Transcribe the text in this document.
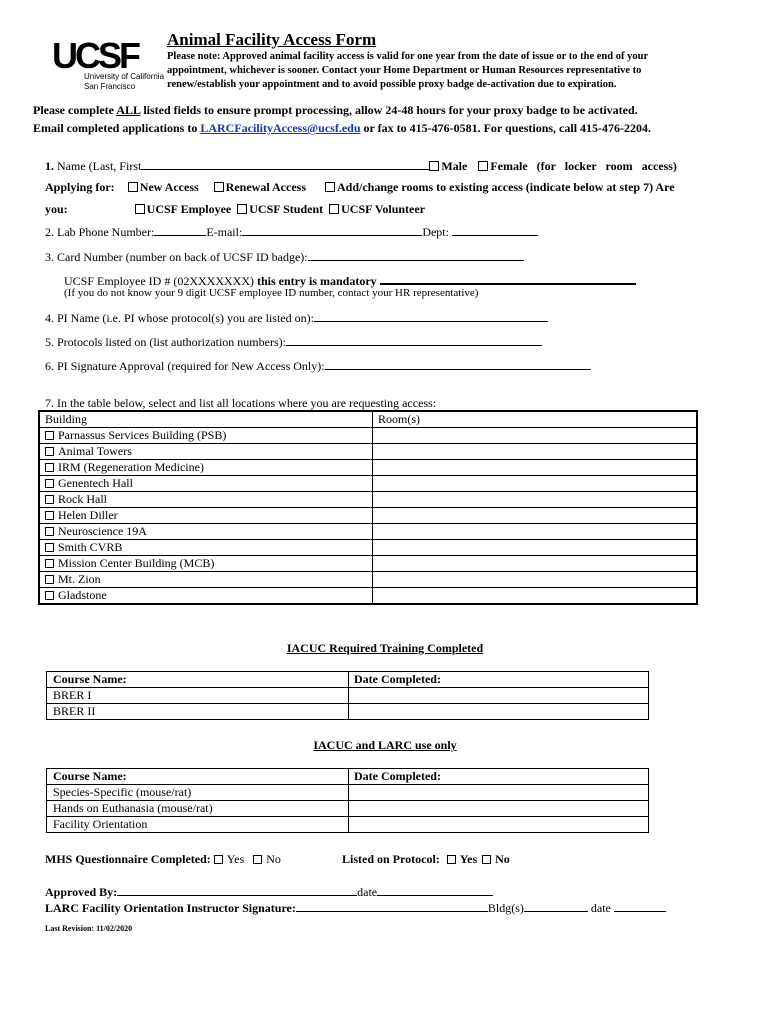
UCSF
University of California
San Francisco
Animal Facility Access Form
Please note: Approved animal facility access is valid for one year from the date of issue or to the end of your appointment, whichever is sooner. Contact your Home Department or Human Resources representative to renew/establish your appointment and to avoid possible proxy badge de-activation due to expiration.
Please complete ALL listed fields to ensure prompt processing, allow 24-48 hours for your proxy badge to be activated.
Email completed applications to LARCFacilityAccess@ucsf.edu or fax to 415-476-0581. For questions, call 415-476-2204.
1. Name (Last, First	Male Female (for locker room access)
Applying for: New Access Renewal Access	Add/change rooms to existing access (indicate below at step 7) Are
you:	UCSF Employee UCSF Student UCSF Volunteer
2. Lab Phone Number:	E-mail:	Dept:
3. Card Number (number on back of UCSF ID badge):
UCSF Employee ID # (02XXXXXXX) this entry is mandatory
(If you do not know your 9 digit UCSF employee ID number, contact your HR representative)
4. PI Name (i.e. PI whose protocol(s) you are listed on):
5. Protocols listed on (list authorization numbers):
6. PI Signature Approval (required for New Access Only):
7. In the table below, select and list all locations where you are requesting access:
Building	Room(s)
Parnassus Services Building (PSB)	
Animal Towers	
IRM (Regeneration Medicine)	
Genentech Hall	
Rock Hall	
Helen Diller	
Neuroscience 19A	
Smith CVRB	
Mission Center Building (MCB)	
Mt. Zion	
Gladstone	
IACUC Required Training Completed
Course Name:	Date Completed:
BRER I	
BRER II	
IACUC and LARC use only
Course Name:	Date Completed:
Species-Specific (mouse/rat)	
Hands on Euthanasia (mouse/rat)	
Facility Orientation	
MHS Questionnaire Completed: Yes No	Listed on Protocol: Yes No
Approved By:	date
LARC Facility Orientation Instructor Signature:	Bldg(s)	date
Last Revision: 11/02/2020
